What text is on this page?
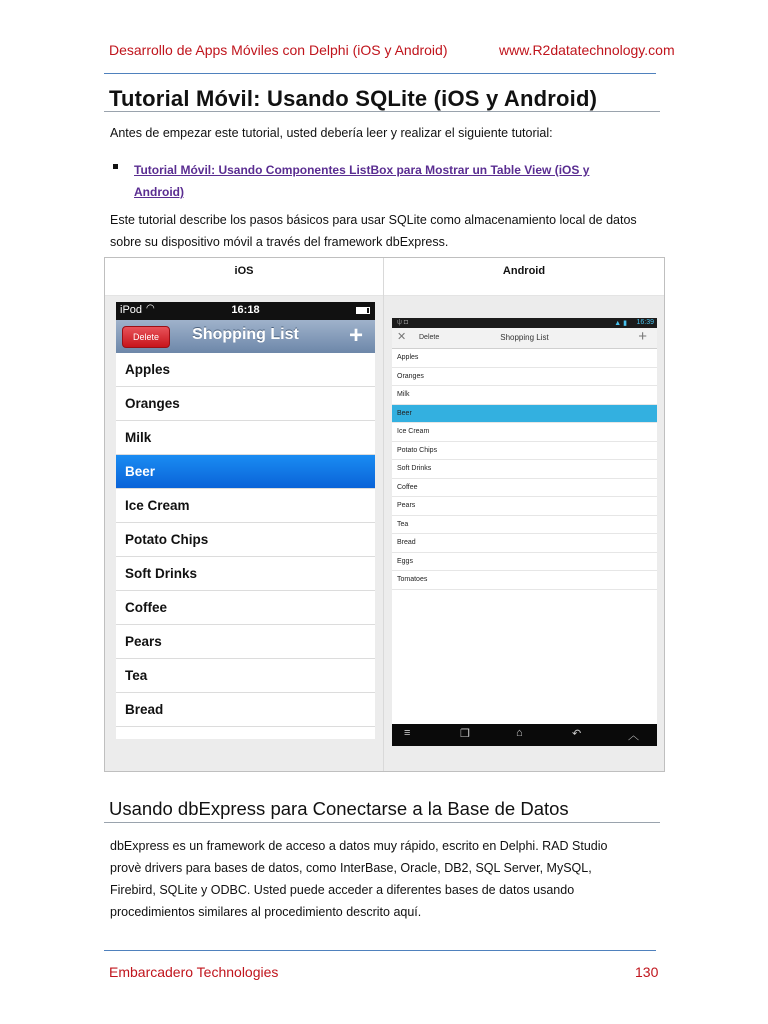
Desarrollo de Apps Móviles con Delphi (iOS y Android)	www.R2datatechnology.com
Tutorial Móvil: Usando SQLite (iOS y Android)
Antes de empezar este tutorial, usted debería leer y realizar el siguiente tutorial:
Tutorial Móvil: Usando Componentes ListBox para Mostrar un Table View (iOS y
Android)
Este tutorial describe los pasos básicos para usar SQLite como almacenamiento local de datos
sobre su dispositivo móvil a través del framework dbExpress.
iOS	Android
iPod ◠	16:18
Delete	Shopping List	+
Apples
Oranges
Milk
Beer
Ice Cream
Potato Chips
Soft Drinks
Coffee
Pears
Tea
Bread
ψ ◘	▲ ▮ 16:39
✕ Delete	Shopping List	+
Apples
Oranges
Milk
Beer
Ice Cream
Potato Chips
Soft Drinks
Coffee
Pears
Tea
Bread
Eggs
Tomatoes
≡	❐	⌂	↶	︿
Usando dbExpress para Conectarse a la Base de Datos
dbExpress es un framework de acceso a datos muy rápido, escrito en Delphi. RAD Studio
provè drivers para bases de datos, como InterBase, Oracle, DB2, SQL Server, MySQL,
Firebird, SQLite y ODBC. Usted puede acceder a diferentes bases de datos usando
procedimientos similares al procedimiento descrito aquí.
Embarcadero Technologies	130
